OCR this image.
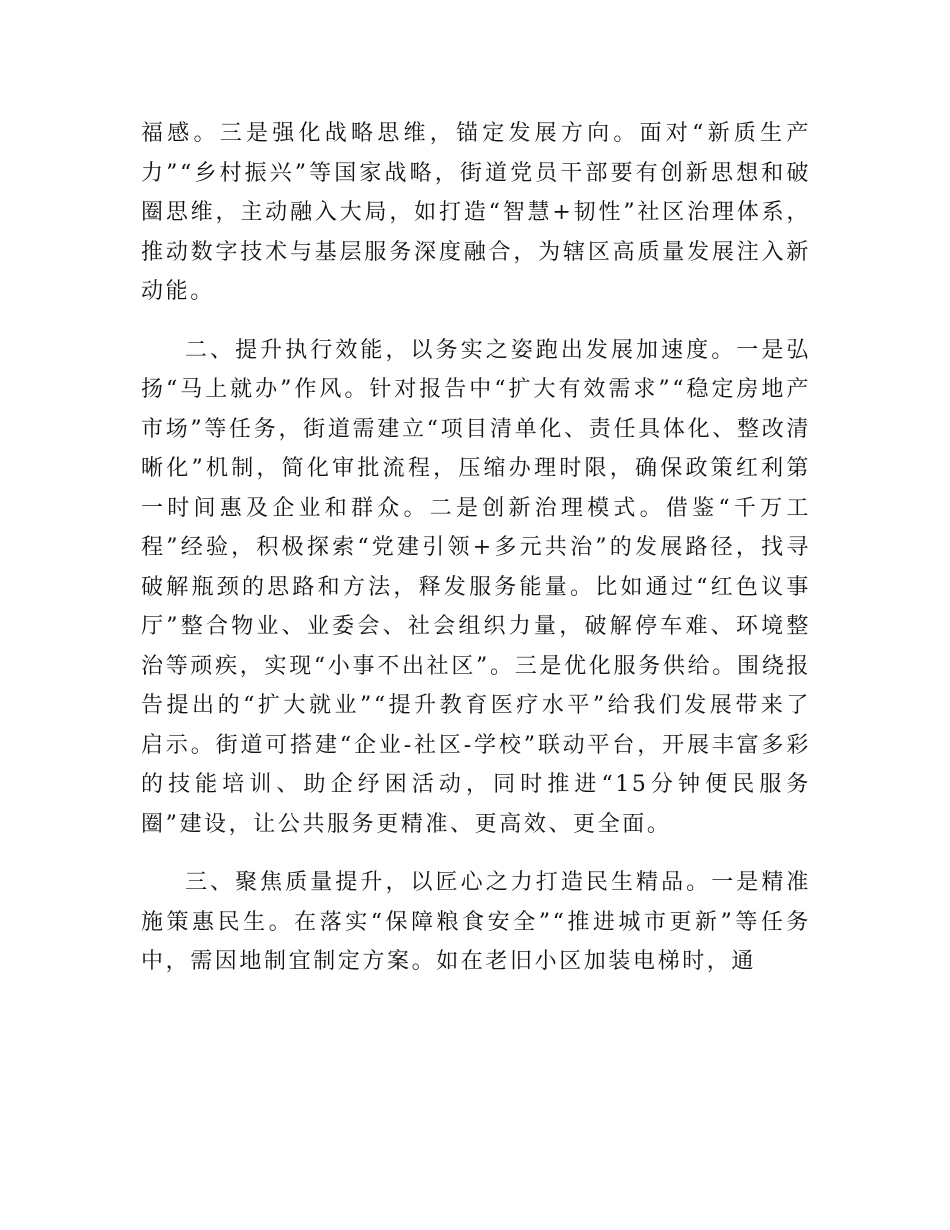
福感。三是强化战略思维，锚定发展方向。面对“新质生产力”“乡村振兴”等国家战略，街道党员干部要有创新思想和破圈思维，主动融入大局，如打造“智慧+韧性”社区治理体系，推动数字技术与基层服务深度融合，为辖区高质量发展注入新动能。

二、提升执行效能，以务实之姿跑出发展加速度。一是弘扬“马上就办”作风。针对报告中“扩大有效需求”“稳定房地产市场”等任务，街道需建立“项目清单化、责任具体化、整改清晰化”机制，简化审批流程，压缩办理时限，确保政策红利第一时间惠及企业和群众。二是创新治理模式。借鉴“千万工程”经验，积极探索“党建引领+多元共治”的发展路径，找寻破解瓶颈的思路和方法，释发服务能量。比如通过“红色议事厅”整合物业、业委会、社会组织力量，破解停车难、环境整治等顽疾，实现“小事不出社区”。三是优化服务供给。围绕报告提出的“扩大就业”“提升教育医疗水平”给我们发展带来了启示。街道可搭建“企业-社区-学校”联动平台，开展丰富多彩的技能培训、助企纾困活动，同时推进“15分钟便民服务圈”建设，让公共服务更精准、更高效、更全面。

三、聚焦质量提升，以匠心之力打造民生精品。一是精准施策惠民生。在落实“保障粮食安全”“推进城市更新”等任务中，需因地制宜制定方案。如在老旧小区加装电梯时，通
